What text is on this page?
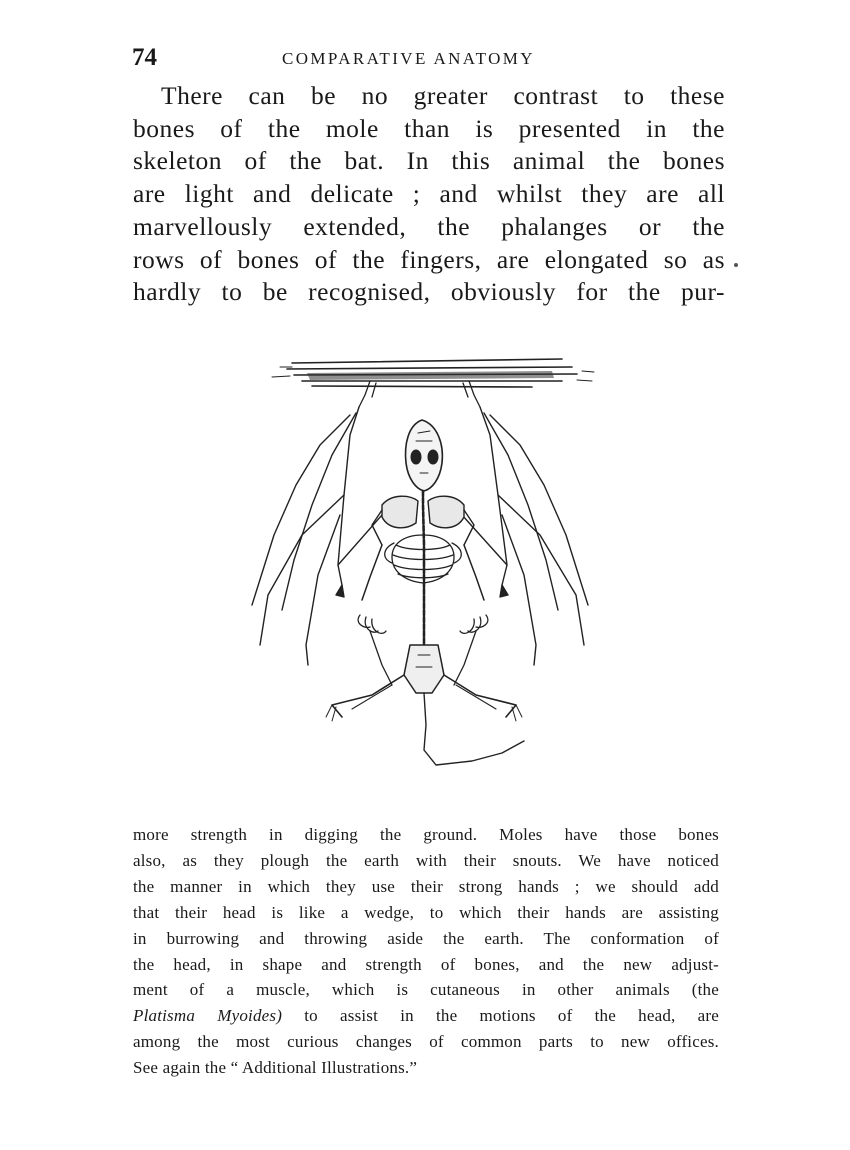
74	COMPARATIVE ANATOMY
There can be no greater contrast to these
bones of the mole than is presented in the
skeleton of the bat. In this animal the bones
are light and delicate ; and whilst they are all
marvellously extended, the phalanges or the
rows of bones of the fingers, are elongated so as
hardly to be recognised, obviously for the pur-
more strength in digging the ground. Moles have those bones
also, as they plough the earth with their snouts. We have noticed
the manner in which they use their strong hands ; we should add
that their head is like a wedge, to which their hands are assisting
in burrowing and throwing aside the earth. The conformation of
the head, in shape and strength of bones, and the new adjust-
ment of a muscle, which is cutaneous in other animals (the
Platisma Myoides) to assist in the motions of the head, are
among the most curious changes of common parts to new offices.
See again the “ Additional Illustrations.”
